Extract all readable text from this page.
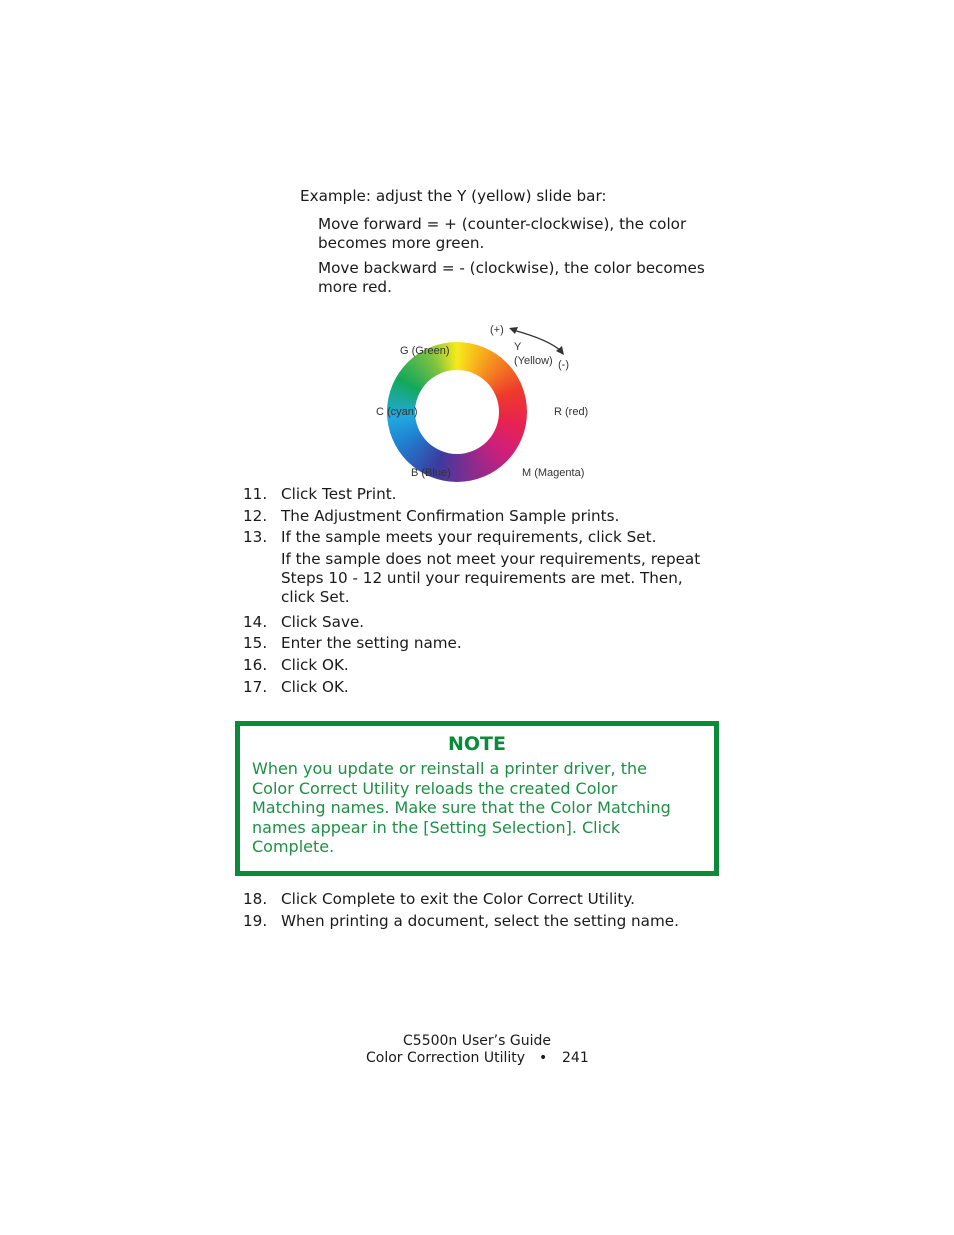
Example: adjust the Y (yellow) slide bar:
Move forward = + (counter-clockwise), the color
becomes more green.
Move backward = - (clockwise), the color becomes
more red.
(+)
(-)
G (Green)	Y
(Yellow)
C (cyan)	R (red)
B (Blue)	M (Magenta)
11. Click Test Print.
12. The Adjustment Confirmation Sample prints.
13. If the sample meets your requirements, click Set.
If the sample does not meet your requirements, repeat
Steps 10 - 12 until your requirements are met. Then,
click Set.
14. Click Save.
15. Enter the setting name.
16. Click OK.
17. Click OK.
NOTE
When you update or reinstall a printer driver, the
Color Correct Utility reloads the created Color
Matching names. Make sure that the Color Matching
names appear in the [Setting Selection]. Click
Complete.
18. Click Complete to exit the Color Correct Utility.
19. When printing a document, select the setting name.
C5500n User’s Guide
Color Correction Utility • 241
